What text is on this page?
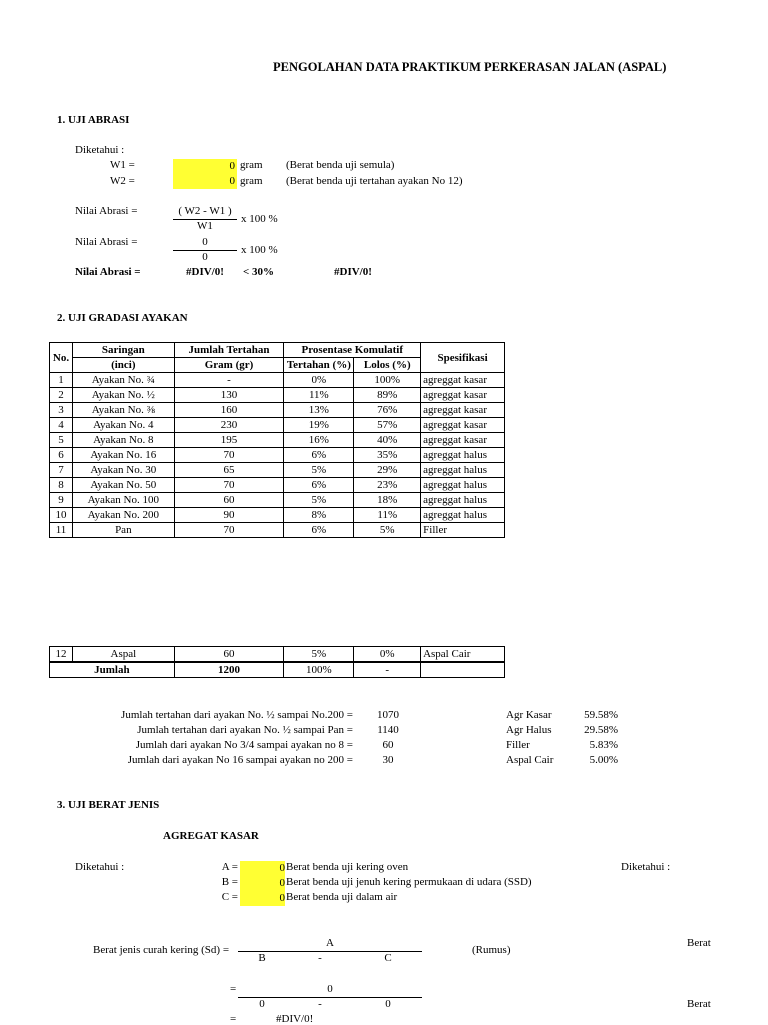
PENGOLAHAN DATA PRAKTIKUM PERKERASAN JALAN (ASPAL)
1. UJI ABRASI
Diketahui :
W1 =	0 gram (Berat benda uji semula)
W2 =	0 gram (Berat benda uji tertahan ayakan No 12)
Nilai Abrasi =	( W2 - W1 )
W1
x 100 %
Nilai Abrasi =	0
0
x 100 %
Nilai Abrasi =	#DIV/0! < 30%	#DIV/0!
2. UJI GRADASI AYAKAN
No.	Saringan	Jumlah Tertahan	Prosentase Komulatif		Spesifikasi
	(inci)	Gram (gr)	Tertahan (%)	Lolos (%)	
1	Ayakan No. ¾	-	0%	100%	agreggat kasar
2	Ayakan No. ½	130	11%	89%	agreggat kasar
3	Ayakan No. ⅜	160	13%	76%	agreggat kasar
4	Ayakan No. 4	230	19%	57%	agreggat kasar
5	Ayakan No. 8	195	16%	40%	agreggat kasar
6	Ayakan No. 16	70	6%	35%	agreggat halus
7	Ayakan No. 30	65	5%	29%	agreggat halus
8	Ayakan No. 50	70	6%	23%	agreggat halus
9	Ayakan No. 100	60	5%	18%	agreggat halus
10	Ayakan No. 200	90	8%	11%	agreggat halus
11	Pan	70	6%	5%	Filler
12	Aspal	60	5%	0%	Aspal Cair
Jumlah		1200	100%	-	
Jumlah tertahan dari ayakan No. ½ sampai No.200 =	1070	Agr Kasar	59.58%
Jumlah tertahan dari ayakan No. ½ sampai Pan =	1140	Agr Halus	29.58%
Jumlah dari ayakan No 3/4 sampai ayakan no 8 =	60	Filler	5.83%
Jumlah dari ayakan No 16 sampai ayakan no 200 =	30	Aspal Cair	5.00%
3. UJI BERAT JENIS
AGREGAT KASAR
Diketahui :	Diketahui :
A =	0 Berat benda uji kering oven
B =	0 Berat benda uji jenuh kering permukaan di udara (SSD)
C =	0 Berat benda uji dalam air
Berat jenis curah kering (Sd) =
A
B	-	C
(Rumus)
Berat
=	0
0	-	0	Berat
=	#DIV/0!
